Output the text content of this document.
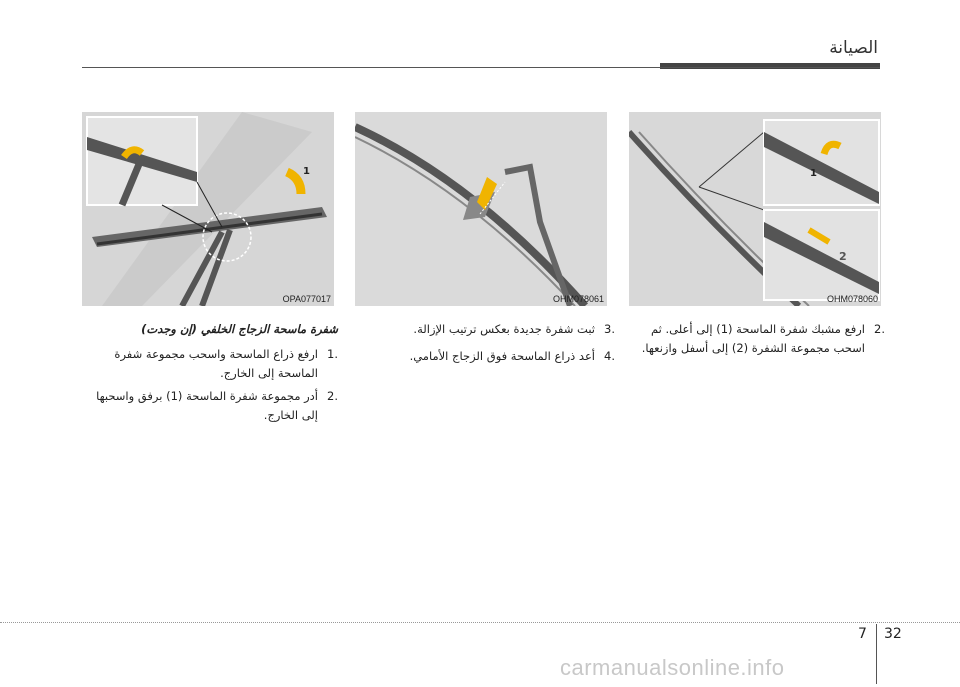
الصيانة
1
OPA077017	OHM078061
1
2
OHM078060

.2
ارفع مشبك شفرة الماسحة (1) إلى أعلى. ثم اسحب مجموعة الشفرة (2) إلى أسفل وازنعها.

.3
ثبت شفرة جديدة بعكس ترتيب الإزالة.

.4
أعد ذراع الماسحة فوق الزجاج الأمامي.

شفرة ماسحة الزجاج الخلفي (إن وجدت)

.1
ارفع ذراع الماسحة واسحب مجموعة شفرة الماسحة إلى الخارج.

.2
أدر مجموعة شفرة الماسحة (1) برفق واسحبها إلى الخارج.

7 32
carmanualsonline.info
